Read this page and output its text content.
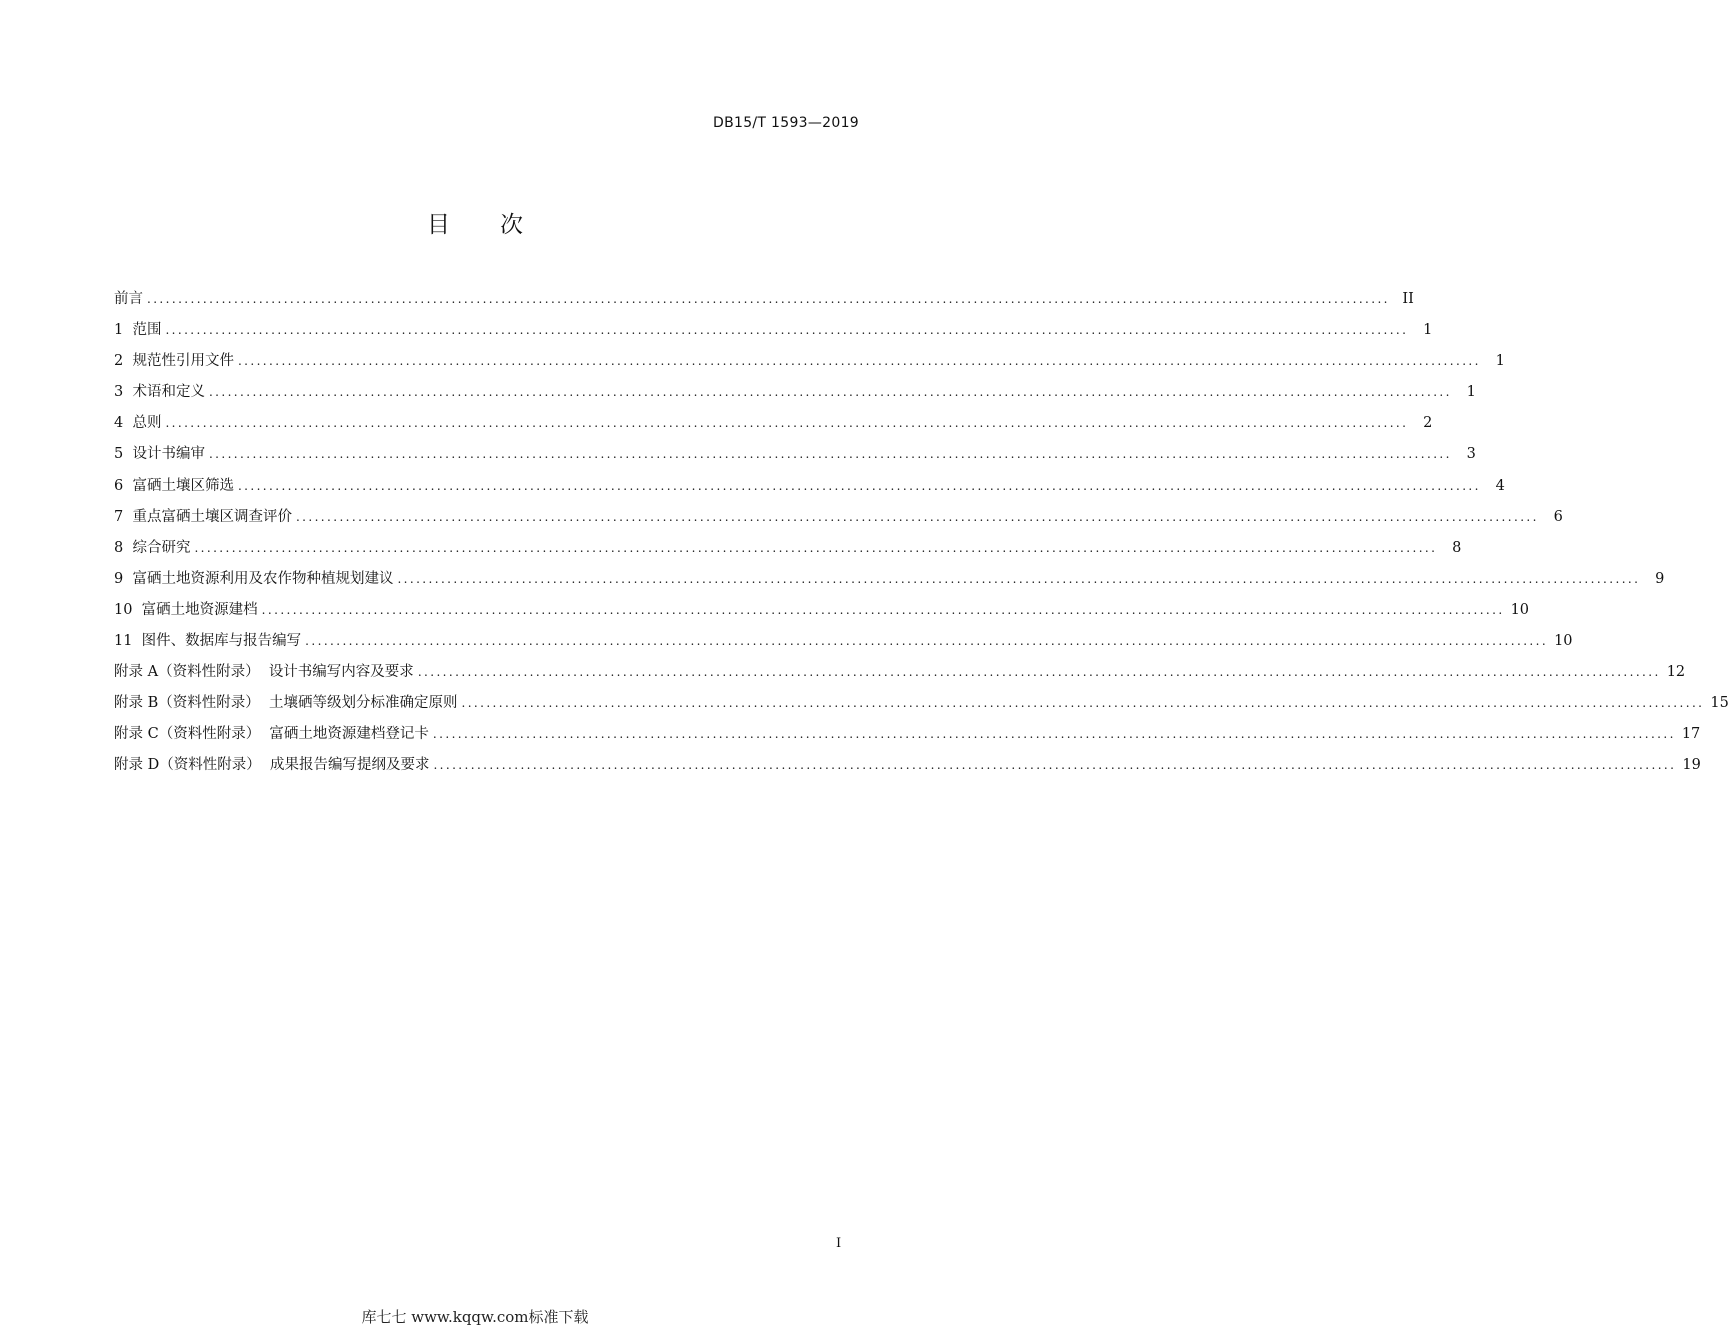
DB15/T 1593—2019
目 次
前言 ........................................................................................................................................................................................................ II
1 范围 ........................................................................................................................................................................................................	1
2 规范性引用文件 ........................................................................................................................................................................................................	1
3 术语和定义 ........................................................................................................................................................................................................	1
4 总则 ........................................................................................................................................................................................................	2
5 设计书编审 ........................................................................................................................................................................................................	3
6 富硒土壤区筛选 ........................................................................................................................................................................................................	4
7 重点富硒土壤区调查评价 ........................................................................................................................................................................................................	6
8 综合研究 ........................................................................................................................................................................................................	8
9 富硒土地资源利用及农作物种植规划建议 ........................................................................................................................................................................................................	9
10 富硒土地资源建档 ........................................................................................................................................................................................................ 10
11 图件、数据库与报告编写 ........................................................................................................................................................................................................ 10
附录 A（资料性附录） 设计书编写内容及要求 ........................................................................................................................................................................................................ 12
附录 B（资料性附录） 土壤硒等级划分标准确定原则 ........................................................................................................................................................................................................ 15
附录 C（资料性附录） 富硒土地资源建档登记卡 ........................................................................................................................................................................................................ 17
附录 D（资料性附录） 成果报告编写提纲及要求 ........................................................................................................................................................................................................ 19
I
库七七 www.kqqw.com标准下载
